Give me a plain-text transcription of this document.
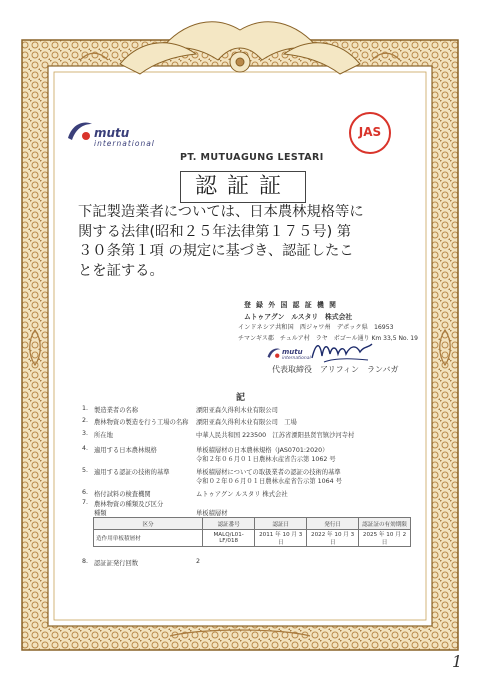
mutu
international
JAS
PT. MUTUAGUNG LESTARI
認証証
下記製造業者については、日本農林規格等に
関する法律(昭和２５年法律第１７５号) 第
３０条第１項 の規定に基づき、認証したこ
とを証する。
登 録 外 国 認 証 機 関
ムトゥアグン　ルスタリ　株式会社
インドネシア共和国　西ジャワ州　デポック県　16953
チマンギス郡　チュルア村　ラヤ　ボゴール通り Km 33,5 No. 19
mutu
international
代表取締役　アリフィン　ランバガ
記
1. 製造業者の名称	溧阳亚森久得利木业有限公司
2. 農林物資の製造を行う工場の名称 溧阳亚森久得利木业有限公司　工場
3. 所在地	中華人民共和国 223500　江苏省溧阳县贤官镇沙河寺村
4. 適用する日本農林規格	単板積層材の日本農林規格（JAS0701:2020）
令和２年０６月０１日農林水産省告示第 1062 号
5. 適用する認証の技術的基準	単板積層材についての取扱業者の認証の技術的基準
令和０２年０６月０１日農林水産省告示第 1064 号
6. 格付試料の検査機関	ムトゥアグン ルスタリ 株式会社
7. 農林物資の種類及び区分
種類	単板積層材
区分	認証番号	認証日	発行日	認証証の有効期限
造作用単板積層材	MALQ/L01-LF/018	2011 年 10 月 3 日	2022 年 10 月 3 日	2025 年 10 月 2 日
8. 認証証発行回数	2
1
